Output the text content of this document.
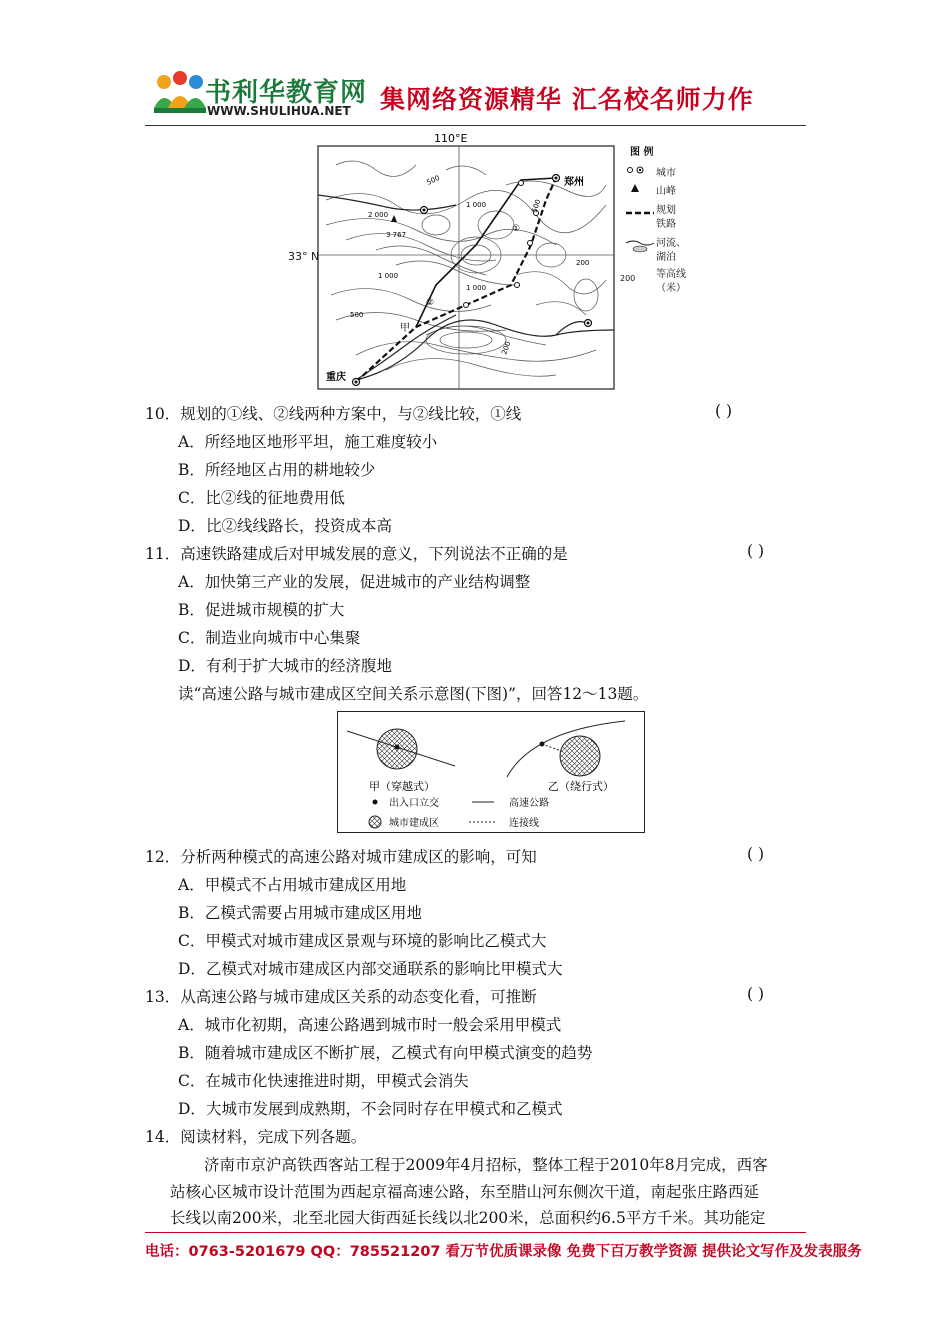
书利华教育网
WWW.SHULIHUA.NET 集网络资源精华 汇名校名师力作
110°E
郑州
重庆
甲
①
②
500
1 000
2 000
3 767
1 000
500
200
1 000
500
200
33° N
图 例
城市
山峰
规划
铁路
河流、
湖泊
200 等高线
（米）
10．规划的①线、②线两种方案中，与②线比较，①线	( )
A．所经地区地形平坦，施工难度较小
B．所经地区占用的耕地较少
C．比②线的征地费用低
D．比②线线路长，投资成本高
11．高速铁路建成后对甲城发展的意义，下列说法不正确的是	( )
A．加快第三产业的发展，促进城市的产业结构调整
B．促进城市规模的扩大
C．制造业向城市中心集聚
D．有利于扩大城市的经济腹地
读“高速公路与城市建成区空间关系示意图(下图)”，回答12～13题。
甲（穿越式）	乙（绕行式）
出入口立交
城市建成区
高速公路
连接线
12．分析两种模式的高速公路对城市建成区的影响，可知	( )
A．甲模式不占用城市建成区用地
B．乙模式需要占用城市建成区用地
C．甲模式对城市建成区景观与环境的影响比乙模式大
D．乙模式对城市建成区内部交通联系的影响比甲模式大
13．从高速公路与城市建成区关系的动态变化看，可推断	( )
A．城市化初期，高速公路遇到城市时一般会采用甲模式
B．随着城市建成区不断扩展，乙模式有向甲模式演变的趋势
C．在城市化快速推进时期，甲模式会消失
D．大城市发展到成熟期，不会同时存在甲模式和乙模式
14．阅读材料，完成下列各题。
济南市京沪高铁西客站工程于2009年4月招标，整体工程于2010年8月完成，西客
站核心区城市设计范围为西起京福高速公路，东至腊山河东侧次干道，南起张庄路西延
长线以南200米，北至北园大街西延长线以北200米，总面积约6.5平方千米。其功能定
电话：0763-5201679 QQ：785521207 看万节优质课录像 免费下百万教学资源 提供论文写作及发表服务
